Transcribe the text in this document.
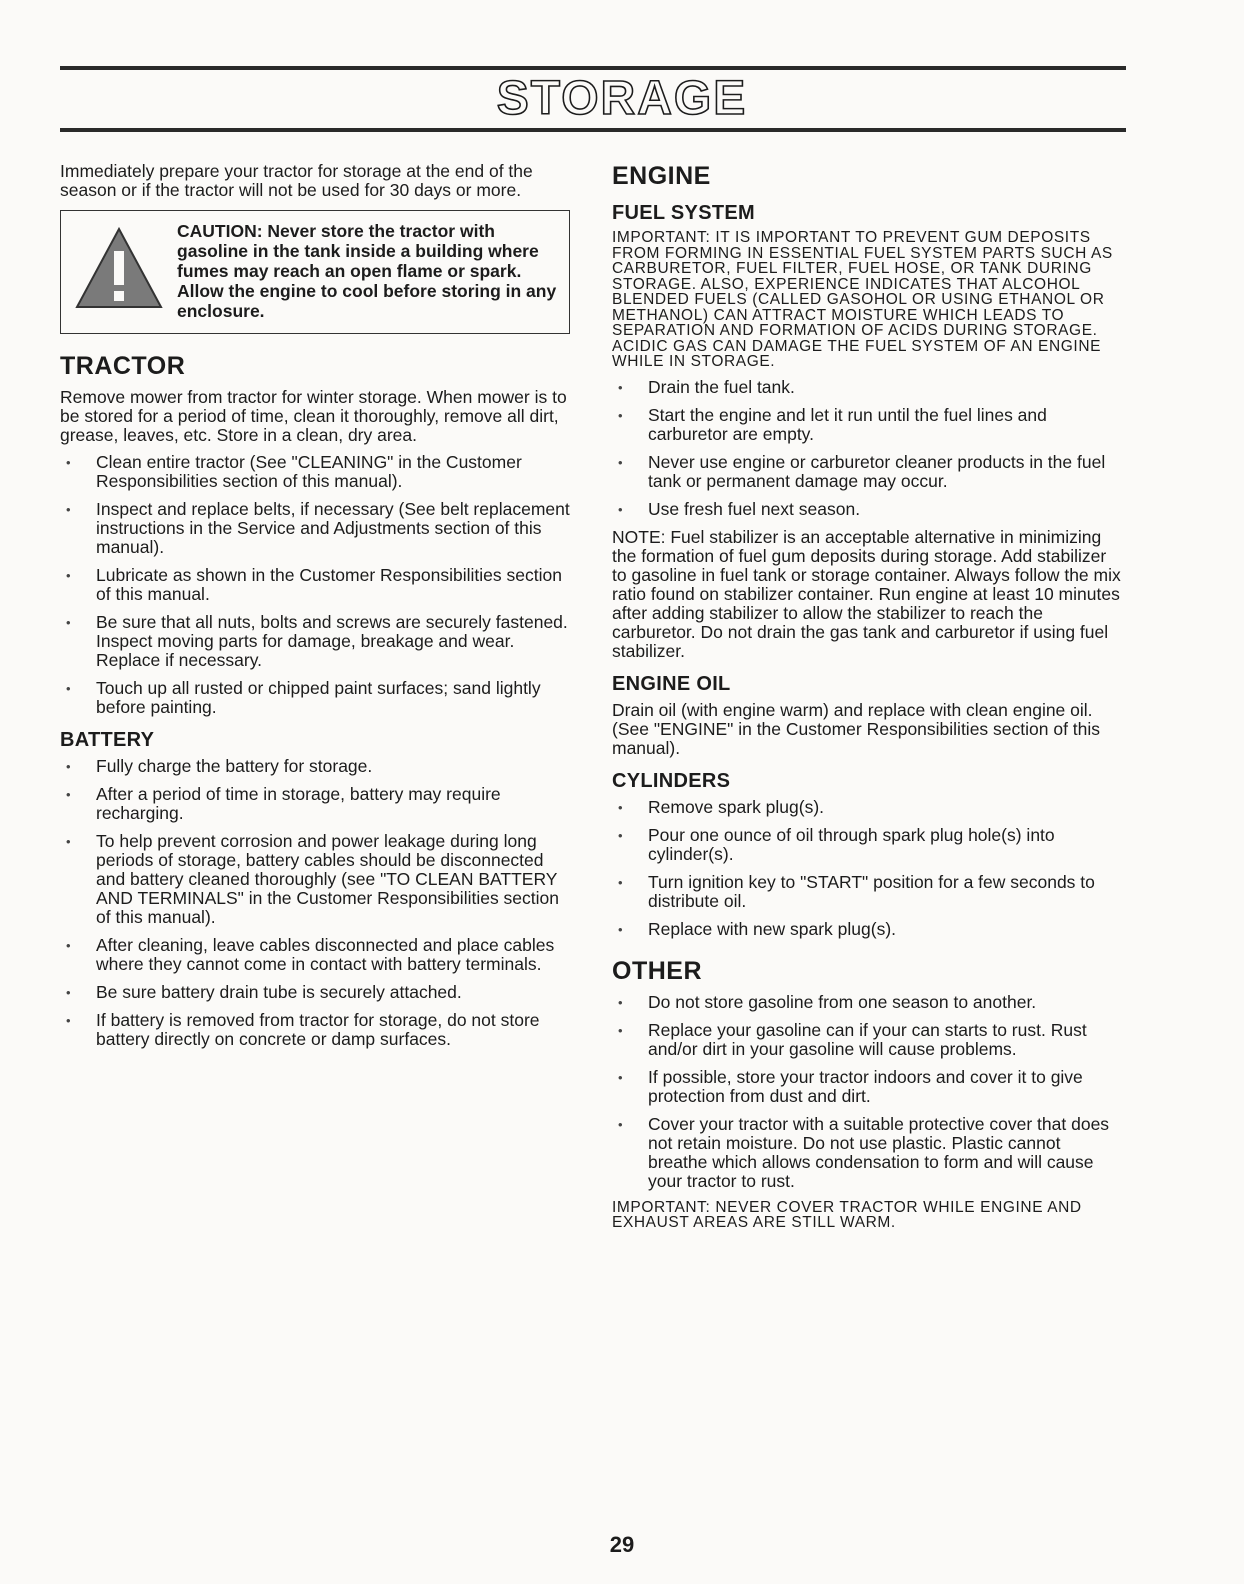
STORAGE

Immediately prepare your tractor for storage at the end of the season or if the tractor will not be used for 30 days or more.

CAUTION: Never store the tractor with gasoline in the tank inside a building where fumes may reach an open flame or spark. Allow the engine to cool before storing in any enclosure.
TRACTOR

Remove mower from tractor for winter storage. When mower is to be stored for a period of time, clean it thoroughly, remove all dirt, grease, leaves, etc. Store in a clean, dry area.

• Clean entire tractor (See "CLEANING" in the Customer Responsibilities section of this manual).
• Inspect and replace belts, if necessary (See belt replacement instructions in the Service and Adjustments section of this manual).
• Lubricate as shown in the Customer Responsibilities section of this manual.
• Be sure that all nuts, bolts and screws are securely fastened. Inspect moving parts for damage, breakage and wear. Replace if necessary.
• Touch up all rusted or chipped paint surfaces; sand lightly before painting.
BATTERY
• Fully charge the battery for storage.
• After a period of time in storage, battery may require recharging.
• To help prevent corrosion and power leakage during long periods of storage, battery cables should be disconnected and battery cleaned thoroughly (see "TO CLEAN BATTERY AND TERMINALS" in the Customer Responsibilities section of this manual).
• After cleaning, leave cables disconnected and place cables where they cannot come in contact with battery terminals.
• Be sure battery drain tube is securely attached.
• If battery is removed from tractor for storage, do not store battery directly on concrete or damp surfaces.
ENGINE
FUEL SYSTEM

IMPORTANT: IT IS IMPORTANT TO PREVENT GUM DEPOSITS FROM FORMING IN ESSENTIAL FUEL SYSTEM PARTS SUCH AS CARBURETOR, FUEL FILTER, FUEL HOSE, OR TANK DURING STORAGE. ALSO, EXPERIENCE INDICATES THAT ALCOHOL BLENDED FUELS (CALLED GASOHOL OR USING ETHANOL OR METHANOL) CAN ATTRACT MOISTURE WHICH LEADS TO SEPARATION AND FORMATION OF ACIDS DURING STORAGE. ACIDIC GAS CAN DAMAGE THE FUEL SYSTEM OF AN ENGINE WHILE IN STORAGE.

• Drain the fuel tank.
• Start the engine and let it run until the fuel lines and carburetor are empty.
• Never use engine or carburetor cleaner products in the fuel tank or permanent damage may occur.
• Use fresh fuel next season.

NOTE: Fuel stabilizer is an acceptable alternative in minimizing the formation of fuel gum deposits during storage. Add stabilizer to gasoline in fuel tank or storage container. Always follow the mix ratio found on stabilizer container. Run engine at least 10 minutes after adding stabilizer to allow the stabilizer to reach the carburetor. Do not drain the gas tank and carburetor if using fuel stabilizer.

ENGINE OIL

Drain oil (with engine warm) and replace with clean engine oil. (See "ENGINE" in the Customer Responsibilities section of this manual).

CYLINDERS
• Remove spark plug(s).
• Pour one ounce of oil through spark plug hole(s) into cylinder(s).
• Turn ignition key to "START" position for a few seconds to distribute oil.
• Replace with new spark plug(s).
OTHER
• Do not store gasoline from one season to another.
• Replace your gasoline can if your can starts to rust. Rust and/or dirt in your gasoline will cause problems.
• If possible, store your tractor indoors and cover it to give protection from dust and dirt.
• Cover your tractor with a suitable protective cover that does not retain moisture. Do not use plastic. Plastic cannot breathe which allows condensation to form and will cause your tractor to rust.

IMPORTANT: NEVER COVER TRACTOR WHILE ENGINE AND EXHAUST AREAS ARE STILL WARM.

29
